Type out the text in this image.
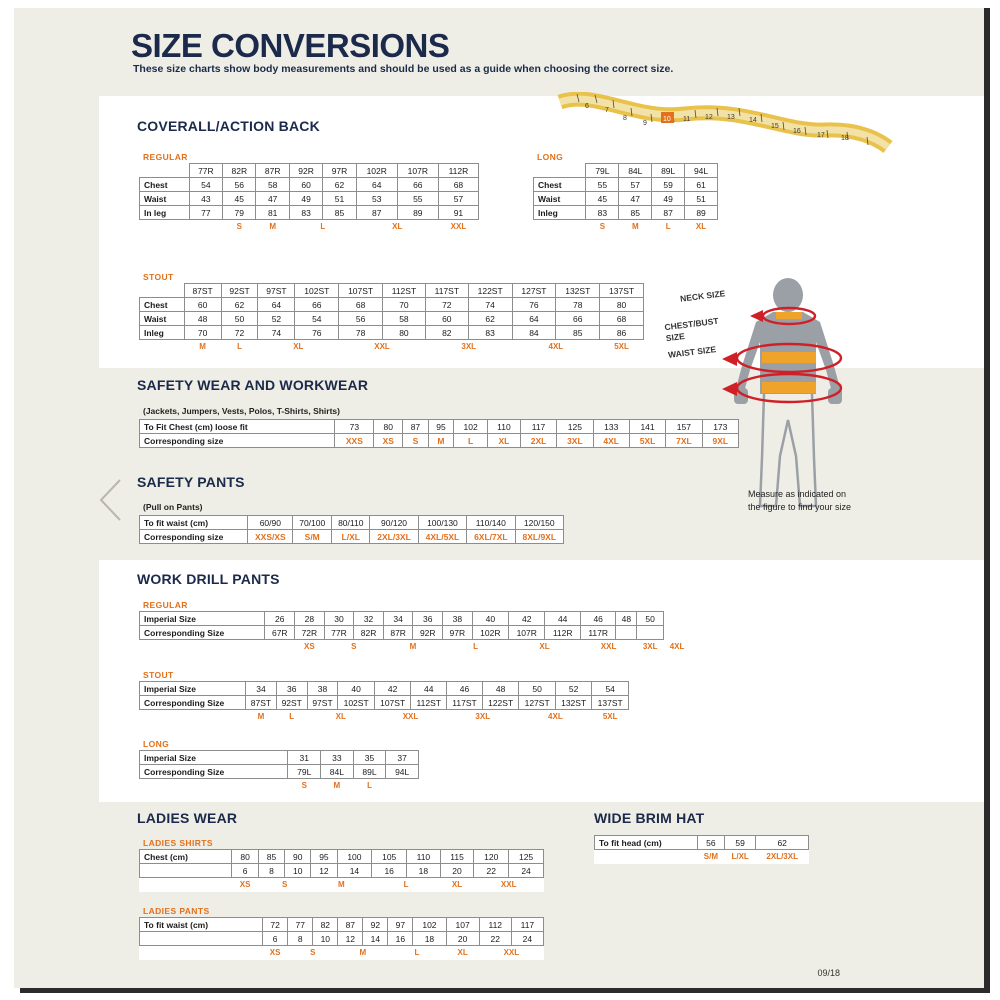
SIZE CONVERSIONS
These size charts show body measurements and should be used as a guide when choosing the correct size.
6
7
8
9
10 11 12 13 14
15
16
17 18
COVERALL/ACTION BACK
REGULAR
	77R	82R	87R	92R	97R	102R	107R	112R
Chest	54	56	58	60	62	64	66	68
Waist	43	45	47	49	51	53	55	57
In leg	77	79	81	83	85	87	89	91
		S	M	L		XL		XXL
LONG
	79L	84L	89L	94L
Chest	55	57	59	61
Waist	45	47	49	51
Inleg	83	85	87	89
	S	M	L	XL
STOUT
	87ST	92ST	97ST	102ST	107ST	112ST	117ST	122ST	127ST	132ST	137ST
Chest	60	62	64	66	68	70	72	74	76	78	80
Waist	48	50	52	54	56	58	60	62	64	66	68
Inleg	70	72	74	76	78	80	82	83	84	85	86
	M	L	XL		XXL		3XL		4XL		5XL
SAFETY WEAR AND WORKWEAR
(Jackets, Jumpers, Vests, Polos, T-Shirts, Shirts)
To Fit Chest (cm) loose fit	73	80	87	95	102	110	117	125	133	141	157	173
Corresponding size	XXS	XS	S	M	L	XL	2XL	3XL	4XL	5XL	7XL	9XL
SAFETY PANTS
(Pull on Pants)
To fit waist (cm)	60/90	70/100	80/110	90/120	100/130	110/140	120/150
Corresponding size	XXS/XS	S/M	L/XL	2XL/3XL	4XL/5XL	6XL/7XL	8XL/9XL
WORK DRILL PANTS
REGULAR
Imperial Size	26	28	30	32	34	36	38	40	42	44	46	48	50	
Corresponding Size	67R	72R	77R	82R	87R	92R	97R	102R	107R	112R	117R			
		XS	S		M		L		XL		XXL		3XL	4XL
STOUT
Imperial Size	34	36	38	40	42	44	46	48	50	52	54
Corresponding Size	87ST	92ST	97ST	102ST	107ST	112ST	117ST	122ST	127ST	132ST	137ST
	M	L	XL		XXL		3XL		4XL		5XL
LONG
Imperial Size	31	33	35	37
Corresponding Size	79L	84L	89L	94L
	S	M	L	
LADIES WEAR
LADIES SHIRTS
Chest (cm)	80	85	90	95	100	105	110	115	120	125
	6	8	10	12	14	16	18	20	22	24
	XS	S		M		L		XL	XXL	
LADIES PANTS
To fit waist (cm)	72	77	82	87	92	97	102	107	112	117
	6	8	10	12	14	16	18	20	22	24
	XS	S		M		L		XL	XXL	
WIDE BRIM HAT
To fit head (cm)	56	59	62
	S/M	L/XL	2XL/3XL
NECK SIZE
CHEST/BUST
SIZE
WAIST SIZE
Measure as indicated on the figure to find your size
09/18
